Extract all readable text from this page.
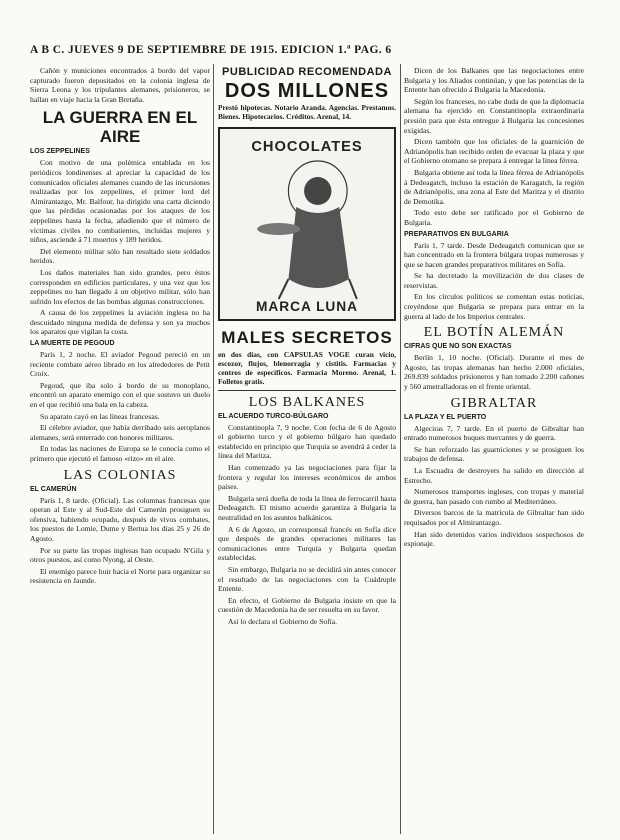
A B C. JUEVES 9 DE SEPTIEMBRE DE 1915. EDICION 1.ª PAG. 6

Cañón y municiones encontrados á bordo del vapor capturado fueron depositados en la colonia inglesa de Sierra Leona y los tripulantes alemanes, prisioneros, se hallan en viaje hacia la Gran Bretaña.

LA GUERRA EN EL AIRE
LOS ZEPPELINES

Con motivo de una polémica entablada en los periódicos londinenses al apreciar la capacidad de los comunicados oficiales alemanes cuando de las incursiones realizadas por los zeppelines, el primer lord del Almirantazgo, Mr. Balfour, ha dirigido una carta diciendo que las pérdidas ocasionadas por los ataques de los zeppelines hasta la fecha, añadiendo que el número de víctimas civiles no combatientes, incluidas mujeres y niños, asciende á 71 muertos y 189 heridos.

Del elemento militar sólo han resultado siete soldados heridos.

Los daños materiales han sido grandes, pero éstos corresponden en edificios particulares, y una vez que los zeppelines no han llegado á un objetivo militar, sólo han sufrido los efectos de las bombas algunas construcciones.

A causa de los zeppelines la aviación inglesa no ha descuidado ninguna medida de defensa y son ya muchos los aparatos que vigilan la costa.

LA MUERTE DE PEGOUD

París 1, 2 noche. El aviador Pegoud pereció en un reciente combate aéreo librado en los alrededores de Petit Croix.

Pegoud, que iba solo á bordo de su monoplano, encontró un aparato enemigo con el que sostuvo un duelo en el que recibió una bala en la cabeza.

Su aparato cayó en las líneas francesas.

El célebre aviador, que había derribado seis aeroplanos alemanes, será enterrado con honores militares.

En todas las naciones de Europa se le conocía como el primero que ejecutó el famoso «rizo» en el aire.

LAS COLONIAS
EL CAMERÚN

París 1, 8 tarde. (Oficial). Las columnas francesas que operan al Este y al Sud-Este del Camerún prosiguen su ofensiva, habiendo ocupado, después de vivos combates, los puestos de Lomie, Dume y Bertua los días 25 y 26 de Agosto.

Por su parte las tropas inglesas han ocupado N'Gila y otros puestos, así como Nyong, al Oeste.

El enemigo parece huir hacia el Norte para organizar su resistencia en Jaunde.

PUBLICIDAD RECOMENDADA
DOS MILLONES

Prestó hipotecas. Notario Aranda. Agencias. Prestamos. Bienes. Hipotecarios. Créditos. Arenal, 14.

CHOCOLATES
MARCA LUNA
MALES SECRETOS

en dos días, con CAPSULAS VOGE curan vicio, escozor, flujos, blenorragia y cistitis. Farmacias y centros de específicos. Farmacia Moreno. Arenal, 1. Folletos gratis.

LOS BALKANES
EL ACUERDO TURCO-BÚLGARO

Constantinopla 7, 9 noche. Con fecha de 6 de Agosto el gobierno turco y el gobierno búlgaro han quedado establecido en principio que Turquía se avendrá á ceder la línea del Maritza.

Han comenzado ya las negociaciones para fijar la frontera y regular los intereses económicos de ambos países.

Bulgaria será dueña de toda la línea de ferrocarril hasta Dedeagatch. El mismo acuerdo garantiza á Bulgaria la neutralidad en los asuntos balkánicos.

A 6 de Agosto, un corresponsal francés en Sofía dice que después de grandes operaciones militares las comunicaciones entre Turquía y Bulgaria quedan establecidas.

Sin embargo, Bulgaria no se decidirá sin antes conocer el resultado de las negociaciones con la Cuádruple Entente.

En efecto, el Gobierno de Bulgaria insiste en que la cuestión de Macedonia ha de ser resuelta en su favor.

Así lo declara el Gobierno de Sofía.

Dicen de los Balkanes que las negociaciones entre Bulgaria y los Aliados continúan, y que las potencias de la Entente han ofrecido á Bulgaria la Macedonia.

Según los franceses, no cabe duda de que la diplomacia alemana ha ejercido en Constantinopla extraordinaria presión para que ésta entregue á Bulgaria las concesiones exigidas.

Dicen también que los oficiales de la guarnición de Adrianópolis han recibido orden de evacuar la plaza y que el Gobierno otomano se prepara á entregar la línea férrea.

Bulgaria obtiene así toda la línea férrea de Adrianópolis á Dedeagatch, incluso la estación de Karagatch, la región de Adrianópolis, una zona al Este del Maritza y el distrito de Demotika.

Todo esto debe ser ratificado por el Gobierno de Bulgaria.

PREPARATIVOS EN BULGARIA

París 1, 7 tarde. Desde Dedeagatch comunican que se han concentrado en la frontera búlgara tropas numerosas y que se hacen grandes preparativos militares en Sofía.

Se ha decretado la movilización de dos clases de reservistas.

En los círculos políticos se comentan estas noticias, creyéndose que Bulgaria se prepara para entrar en la guerra al lado de los Imperios centrales.

EL BOTÍN ALEMÁN
CIFRAS QUE NO SON EXACTAS

Berlín 1, 10 noche. (Oficial). Durante el mes de Agosto, las tropas alemanas han hecho 2.000 oficiales, 269.839 soldados prisioneros y han tomado 2.200 cañones y 560 ametralladoras en el frente oriental.

GIBRALTAR
LA PLAZA Y EL PUERTO

Algeciras 7, 7 tarde. En el puerto de Gibraltar han entrado numerosos buques mercantes y de guerra.

Se han reforzado las guarniciones y se prosiguen los trabajos de defensa.

La Escuadra de destroyers ha salido en dirección al Estrecho.

Numerosos transportes ingleses, con tropas y material de guerra, han pasado con rumbo al Mediterráneo.

Diversos barcos de la matrícula de Gibraltar han sido requisados por el Almirantazgo.

Han sido detenidos varios individuos sospechosos de espionaje.
